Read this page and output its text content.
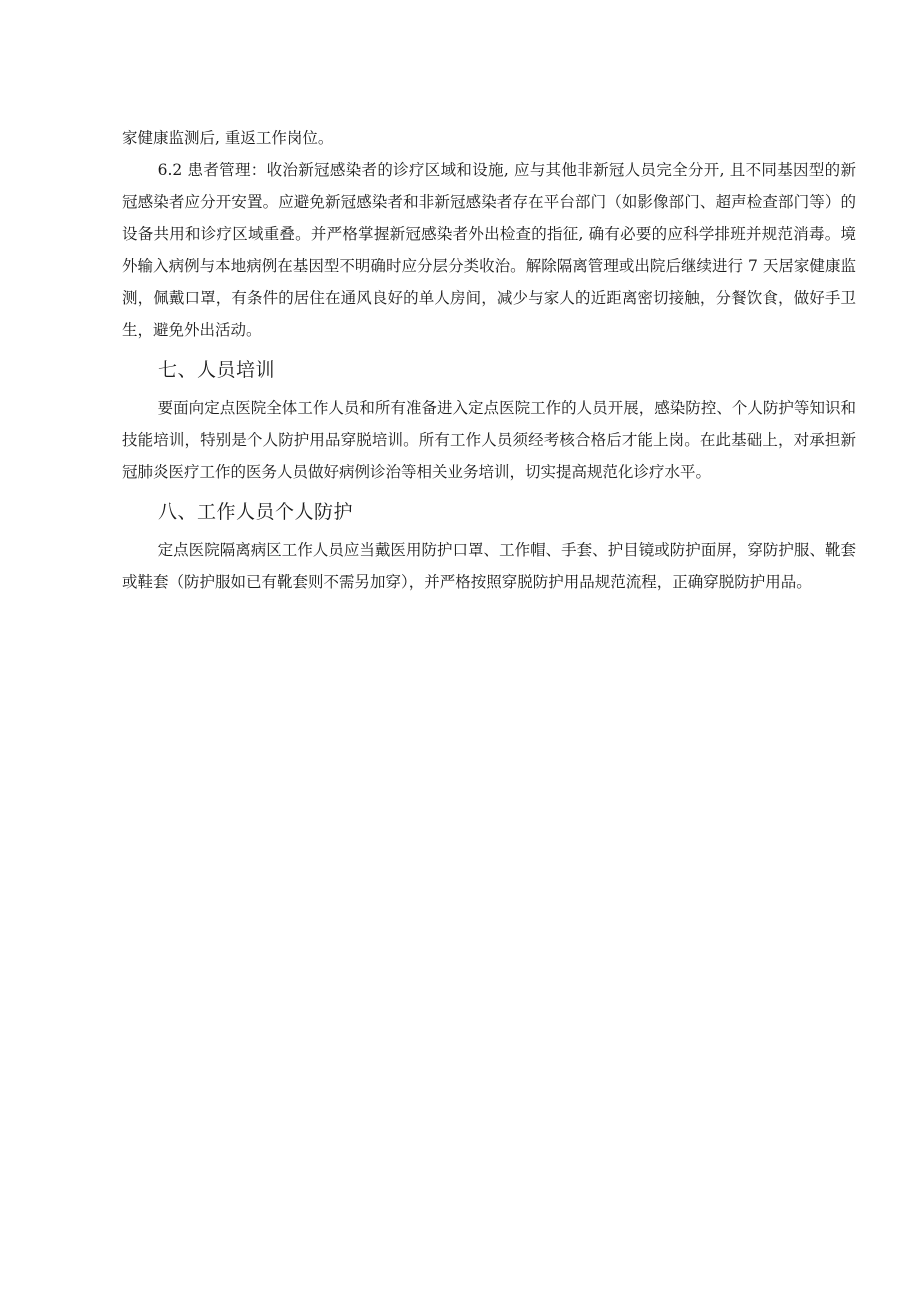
家健康监测后, 重返工作岗位。

6.2 患者管理：收治新冠感染者的诊疗区域和设施, 应与其他非新冠人员完全分开, 且不同基因型的新冠感染者应分开安置。应避免新冠感染者和非新冠感染者存在平台部门（如影像部门、超声检查部门等）的设备共用和诊疗区域重叠。并严格掌握新冠感染者外出检查的指征, 确有必要的应科学排班并规范消毒。境外输入病例与本地病例在基因型不明确时应分层分类收治。解除隔离管理或出院后继续进行 7 天居家健康监测，佩戴口罩，有条件的居住在通风良好的单人房间，减少与家人的近距离密切接触，分餐饮食，做好手卫生，避免外出活动。

七、人员培训

要面向定点医院全体工作人员和所有准备进入定点医院工作的人员开展，感染防控、个人防护等知识和技能培训，特别是个人防护用品穿脱培训。所有工作人员须经考核合格后才能上岗。在此基础上，对承担新冠肺炎医疗工作的医务人员做好病例诊治等相关业务培训，切实提高规范化诊疗水平。

八、工作人员个人防护

定点医院隔离病区工作人员应当戴医用防护口罩、工作帽、手套、护目镜或防护面屏，穿防护服、靴套或鞋套（防护服如已有靴套则不需另加穿），并严格按照穿脱防护用品规范流程，正确穿脱防护用品。
